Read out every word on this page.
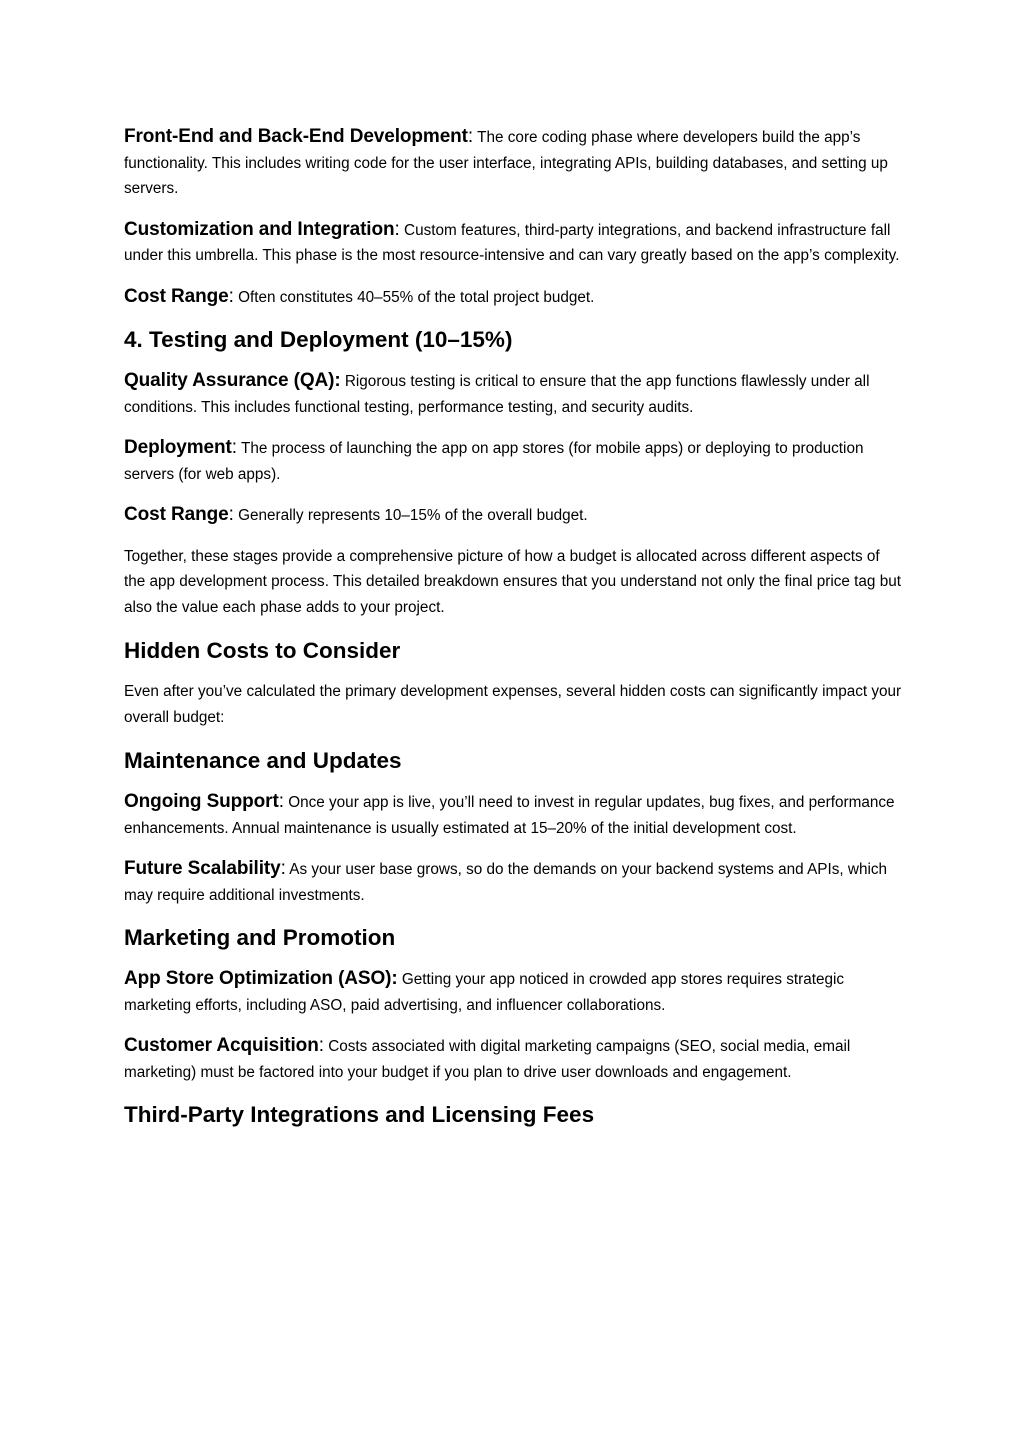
Front-End and Back-End Development: The core coding phase where developers build the app’s functionality. This includes writing code for the user interface, integrating APIs, building databases, and setting up servers.

Customization and Integration: Custom features, third-party integrations, and backend infrastructure fall under this umbrella. This phase is the most resource-intensive and can vary greatly based on the app’s complexity.

Cost Range: Often constitutes 40–55% of the total project budget.

4. Testing and Deployment (10–15%)

Quality Assurance (QA): Rigorous testing is critical to ensure that the app functions flawlessly under all conditions. This includes functional testing, performance testing, and security audits.

Deployment: The process of launching the app on app stores (for mobile apps) or deploying to production servers (for web apps).

Cost Range: Generally represents 10–15% of the overall budget.

Together, these stages provide a comprehensive picture of how a budget is allocated across different aspects of the app development process. This detailed breakdown ensures that you understand not only the final price tag but also the value each phase adds to your project.

Hidden Costs to Consider

Even after you’ve calculated the primary development expenses, several hidden costs can significantly impact your overall budget:

Maintenance and Updates

Ongoing Support: Once your app is live, you’ll need to invest in regular updates, bug fixes, and performance enhancements. Annual maintenance is usually estimated at 15–20% of the initial development cost.

Future Scalability: As your user base grows, so do the demands on your backend systems and APIs, which may require additional investments.

Marketing and Promotion

App Store Optimization (ASO): Getting your app noticed in crowded app stores requires strategic marketing efforts, including ASO, paid advertising, and influencer collaborations.

Customer Acquisition: Costs associated with digital marketing campaigns (SEO, social media, email marketing) must be factored into your budget if you plan to drive user downloads and engagement.

Third-Party Integrations and Licensing Fees
